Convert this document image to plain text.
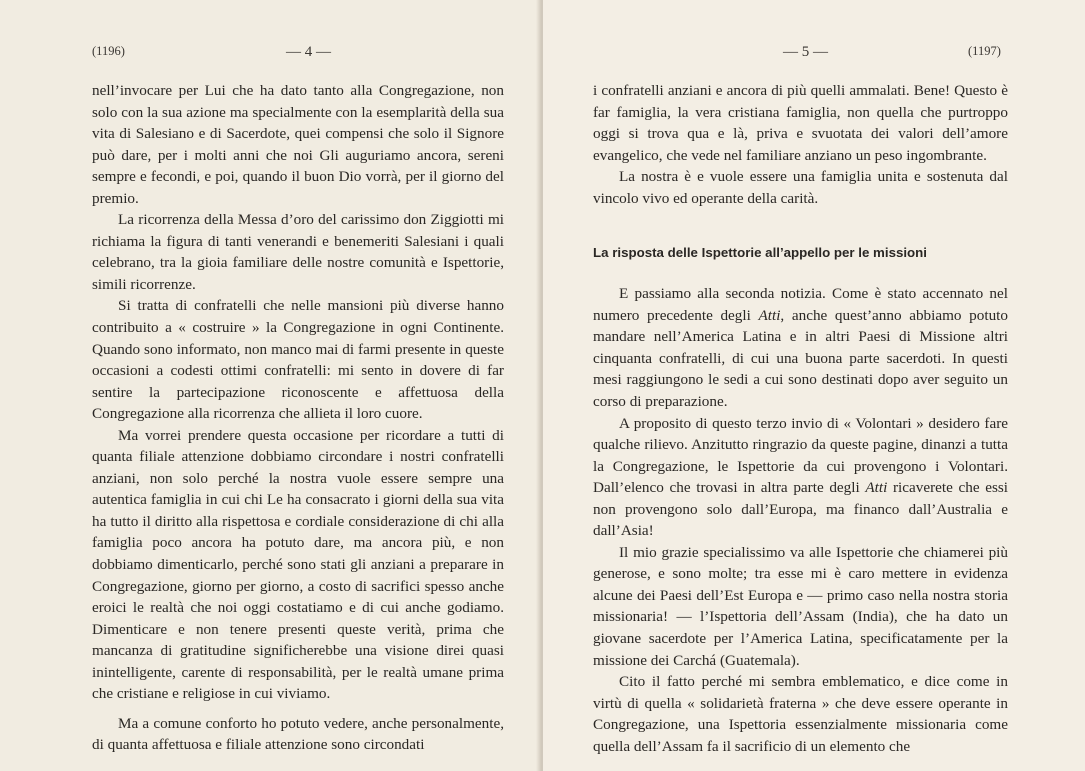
(1196)	— 4 —

nell’invocare per Lui che ha dato tanto alla Congregazione, non solo con la sua azione ma specialmente con la esemplarità della sua vita di Salesiano e di Sacerdote, quei compensi che solo il Signore può dare, per i molti anni che noi Gli auguriamo ancora, sereni sempre e fecondi, e poi, quando il buon Dio vorrà, per il giorno del premio.

La ricorrenza della Messa d’oro del carissimo don Ziggiotti mi richiama la figura di tanti venerandi e benemeriti Salesiani i quali celebrano, tra la gioia familiare delle nostre comunità e Ispettorie, simili ricorrenze.

Si tratta di confratelli che nelle mansioni più diverse hanno contribuito a « costruire » la Congregazione in ogni Continente. Quando sono informato, non manco mai di farmi presente in queste occasioni a codesti ottimi confratelli: mi sento in dovere di far sentire la partecipazione riconoscente e affettuosa della Congregazione alla ricorrenza che allieta il loro cuore.

Ma vorrei prendere questa occasione per ricordare a tutti di quanta filiale attenzione dobbiamo circondare i nostri confratelli anziani, non solo perché la nostra vuole essere sempre una autentica famiglia in cui chi Le ha consacrato i giorni della sua vita ha tutto il diritto alla rispettosa e cordiale considerazione di chi alla famiglia poco ancora ha potuto dare, ma ancora più, e non dobbiamo dimenticarlo, perché sono stati gli anziani a preparare in Congregazione, giorno per giorno, a costo di sacrifici spesso anche eroici le realtà che noi oggi costatiamo e di cui anche godiamo. Dimenticare e non tenere presenti queste verità, prima che mancanza di gratitudine significherebbe una visione direi quasi inintelligente, carente di responsabilità, per le realtà umane prima che cristiane e religiose in cui viviamo.

Ma a comune conforto ho potuto vedere, anche personalmente, di quanta affettuosa e filiale attenzione sono circondati

— 5 —	(1197)

i confratelli anziani e ancora di più quelli ammalati. Bene! Questo è far famiglia, la vera cristiana famiglia, non quella che purtroppo oggi si trova qua e là, priva e svuotata dei valori dell’amore evangelico, che vede nel familiare anziano un peso ingombrante.

La nostra è e vuole essere una famiglia unita e sostenuta dal vincolo vivo ed operante della carità.

La risposta delle Ispettorie all’appello per le missioni

E passiamo alla seconda notizia. Come è stato accennato nel numero precedente degli Atti, anche quest’anno abbiamo potuto mandare nell’America Latina e in altri Paesi di Missione altri cinquanta confratelli, di cui una buona parte sacerdoti. In questi mesi raggiungono le sedi a cui sono destinati dopo aver seguito un corso di preparazione.

A proposito di questo terzo invio di « Volontari » desidero fare qualche rilievo. Anzitutto ringrazio da queste pagine, dinanzi a tutta la Congregazione, le Ispettorie da cui provengono i Volontari. Dall’elenco che trovasi in altra parte degli Atti ricaverete che essi non provengono solo dall’Europa, ma financo dall’Australia e dall’Asia!

Il mio grazie specialissimo va alle Ispettorie che chiamerei più generose, e sono molte; tra esse mi è caro mettere in evidenza alcune dei Paesi dell’Est Europa e — primo caso nella nostra storia missionaria! — l’Ispettoria dell’Assam (India), che ha dato un giovane sacerdote per l’America Latina, specificatamente per la missione dei Carchá (Guatemala).

Cito il fatto perché mi sembra emblematico, e dice come in virtù di quella « solidarietà fraterna » che deve essere operante in Congregazione, una Ispettoria essenzialmente missionaria come quella dell’Assam fa il sacrificio di un elemento che
